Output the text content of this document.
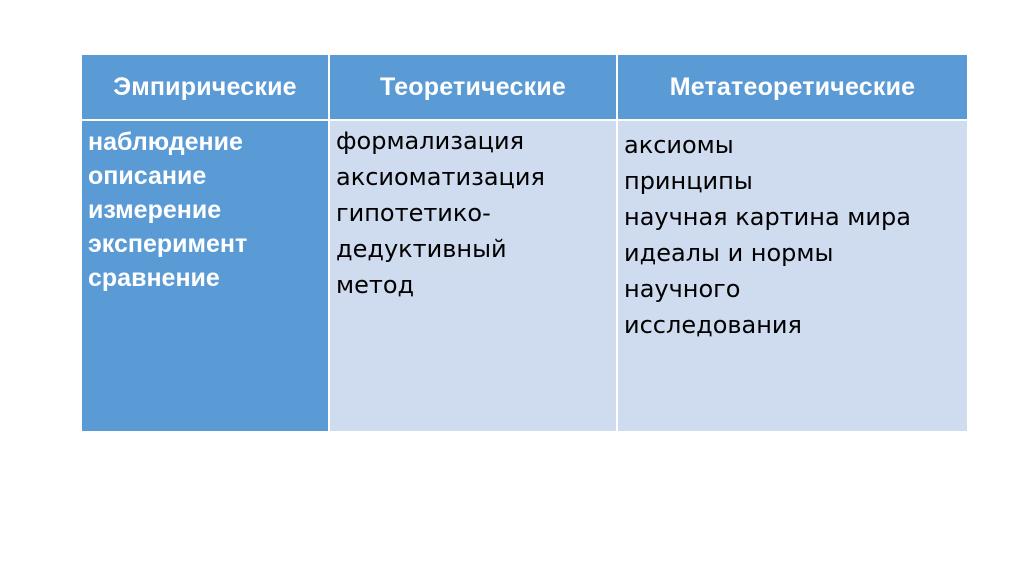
Эмпирические	Теоретические	Метатеоретические
наблюдение
описание
измерение
эксперимент
сравнение
формализация
аксиоматизация
гипотетико-
дедуктивный
метод
аксиомы
принципы
научная картина мира
идеалы и нормы
научного
исследования
